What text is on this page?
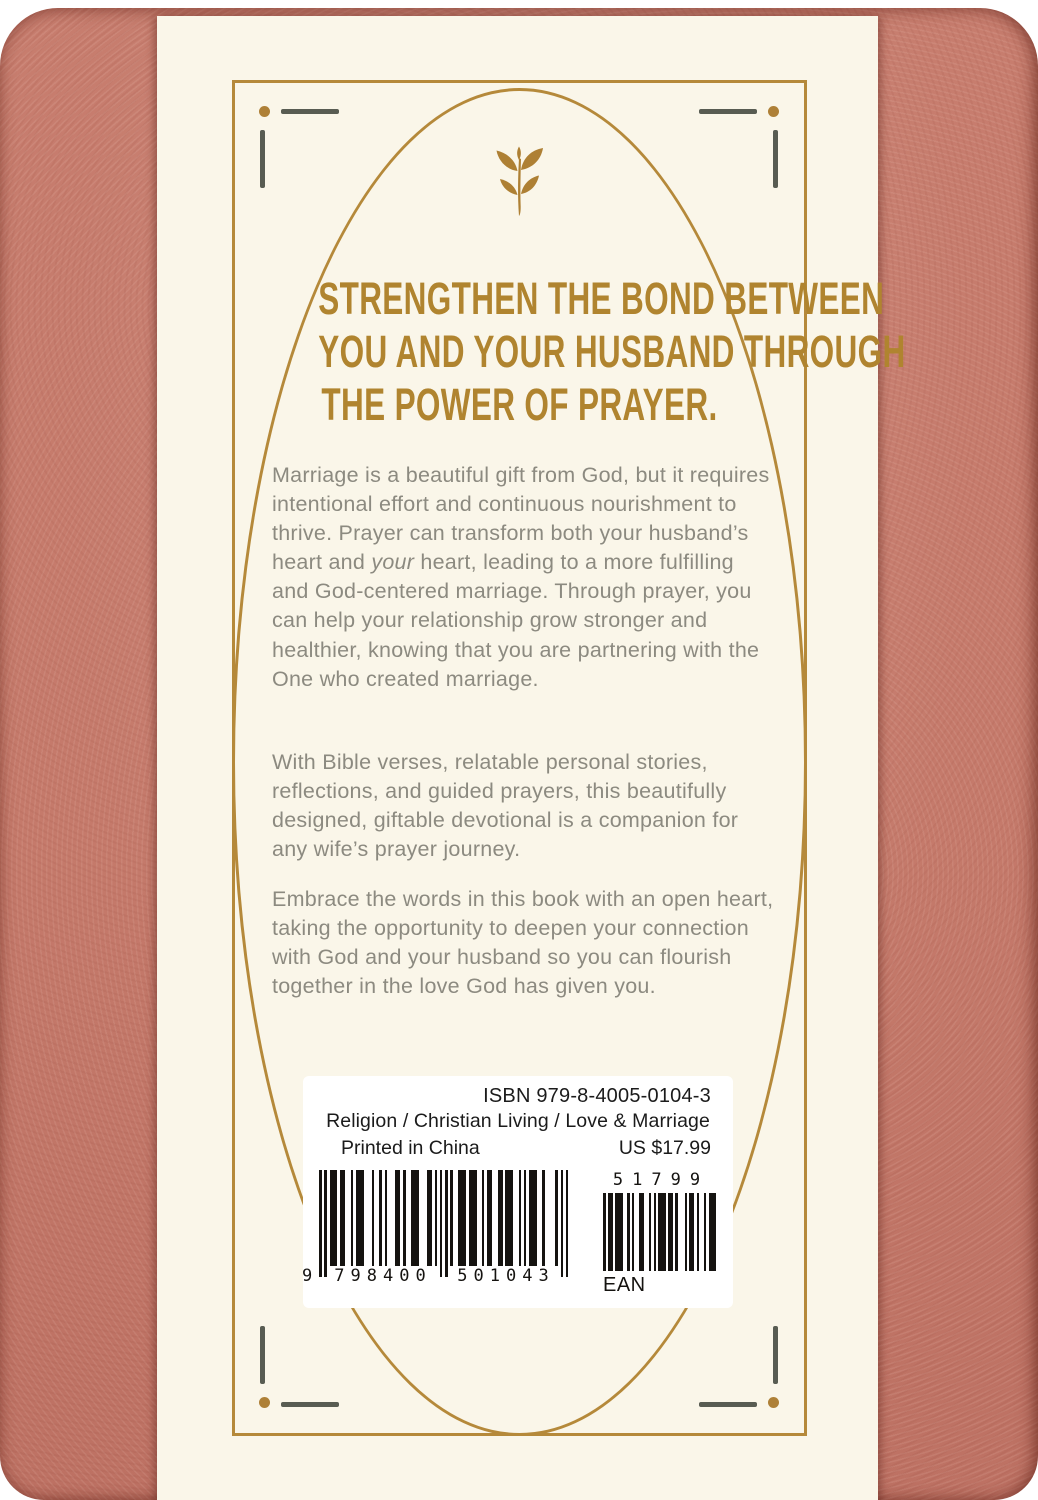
STRENGTHEN THE BOND BETWEEN
YOU AND YOUR HUSBAND THROUGH
THE POWER OF PRAYER.

Marriage is a beautiful gift from God, but it requires intentional effort and continuous nourishment to thrive. Prayer can transform both your husband’s heart and your heart, leading to a more fulfilling and God-centered marriage. Through prayer, you can help your relationship grow stronger and healthier, knowing that you are partnering with the One who created marriage.

With Bible verses, relatable personal stories, reflections, and guided prayers, this beautifully designed, giftable devotional is a companion for any wife’s prayer journey.

Embrace the words in this book with an open heart, taking the opportunity to deepen your connection with God and your husband so you can flourish together in the love God has given you.

ISBN 979-8-4005-0104-3
Religion / Christian Living / Love & Marriage
Printed in China	US $17.99
9	798400	501043
51799
EAN
